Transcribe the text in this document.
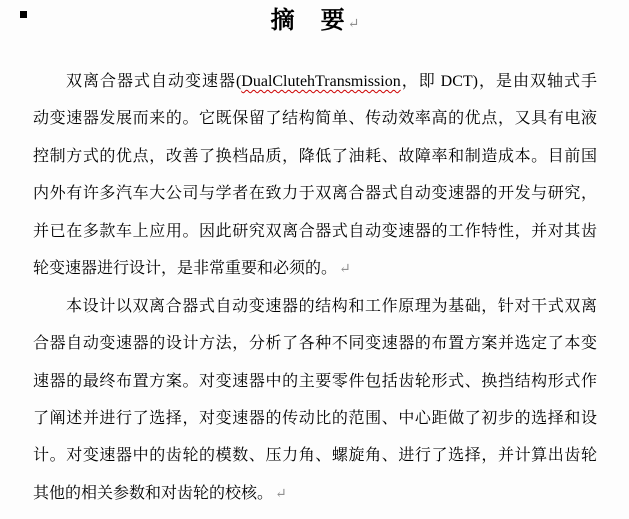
摘　要 ↵
双离合器式自动变速器(DualClutehTransmission，即 DCT)，是由双轴式手
动变速器发展而来的。它既保留了结构简单、传动效率高的优点，又具有电液
控制方式的优点，改善了换档品质，降低了油耗、故障率和制造成本。目前国
内外有许多汽车大公司与学者在致力于双离合器式自动变速器的开发与研究，
并已在多款车上应用。因此研究双离合器式自动变速器的工作特性，并对其齿
轮变速器进行设计，是非常重要和必须的。 ↵
本设计以双离合器式自动变速器的结构和工作原理为基础，针对干式双离
合器自动变速器的设计方法，分析了各种不同变速器的布置方案并选定了本变
速器的最终布置方案。对变速器中的主要零件包括齿轮形式、换挡结构形式作
了阐述并进行了选择，对变速器的传动比的范围、中心距做了初步的选择和设
计。对变速器中的齿轮的模数、压力角、螺旋角、进行了选择，并计算出齿轮
其他的相关参数和对齿轮的校核。 ↵
